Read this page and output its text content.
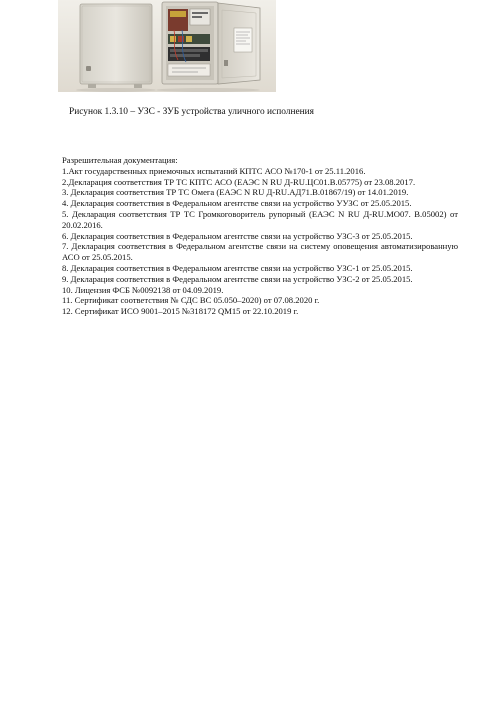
Рисунок 1.3.10 – УЗС - ЗУБ устройства уличного исполнения

Разрешительная документация:

1.Акт государственных приемочных испытаний КПТС АСО №170-1 от 25.11.2016.
2.Декларация соответствия ТР ТС КПТС АСО (ЕАЭС N RU Д-RU.ЦС01.В.05775) от 23.08.2017.
3. Декларация соответствия ТР ТС Омега (ЕАЭС N RU Д-RU.АД71.В.01867/19) от 14.01.2019.
4. Декларация соответствия в Федеральном агентстве связи на устройство УУЗС от 25.05.2015.
5. Декларация соответствия ТР ТС Громкоговоритель рупорный (ЕАЭС N RU Д-RU.МО07. В.05002) от 20.02.2016.
6. Декларация соответствия в Федеральном агентстве связи на устройство УЗС-3 от 25.05.2015.
7. Декларация соответствия в Федеральном агентстве связи на систему оповещения автоматизированную АСО от 25.05.2015.
8. Декларация соответствия в Федеральном агентстве связи на устройство УЗС-1 от 25.05.2015.
9. Декларация соответствия в Федеральном агентстве связи на устройство УЗС-2 от 25.05.2015.
10. Лицензия ФСБ №0092138 от 04.09.2019.
11. Сертификат соответствия № СДС ВС 05.050–2020) от 07.08.2020 г.
12. Сертификат ИСО 9001–2015 №318172 QM15 от 22.10.2019 г.
